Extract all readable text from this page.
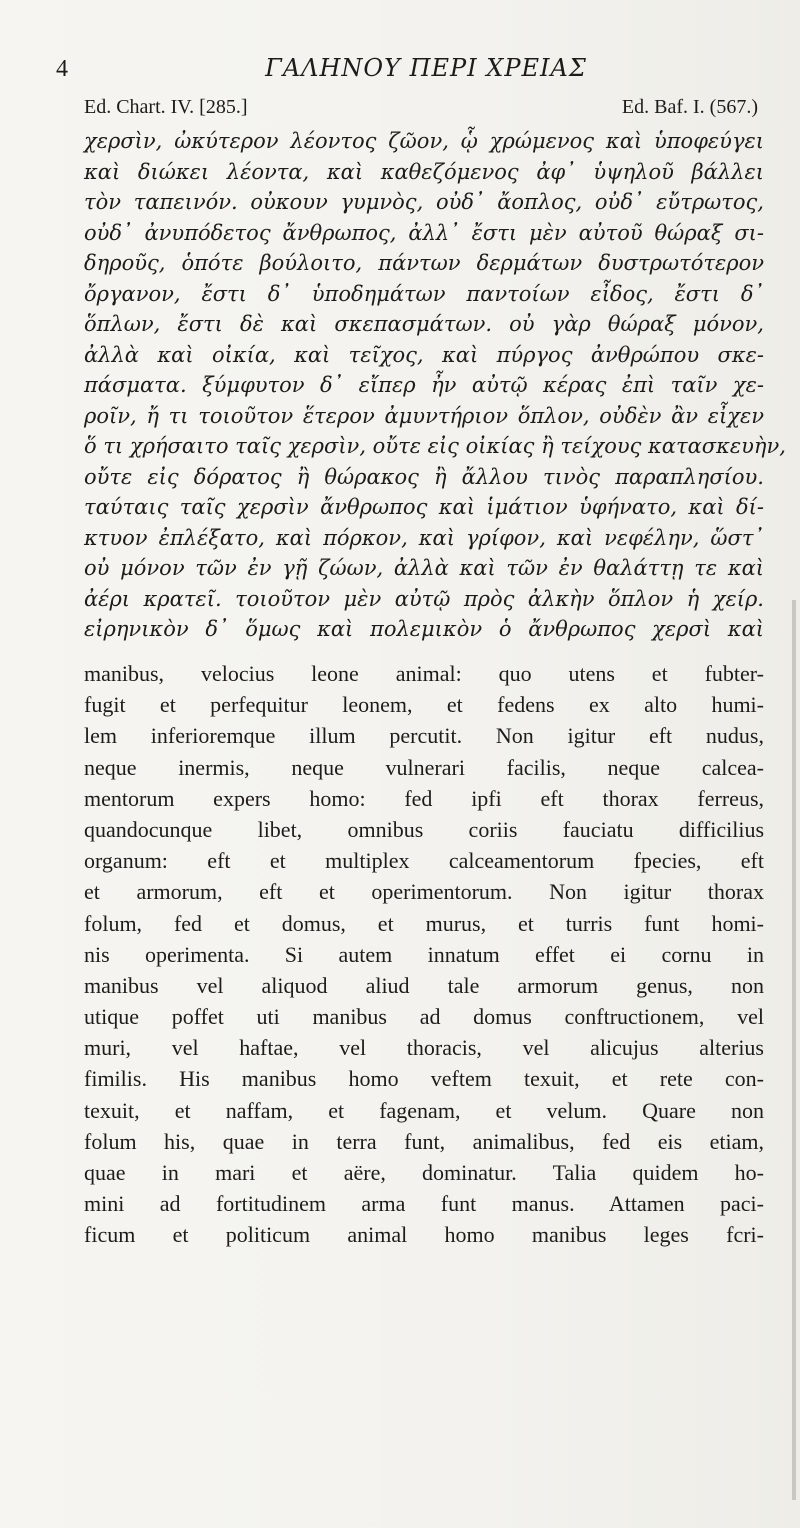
4	ΓΑΛΗΝΟΥ ΠΕΡΙ ΧΡΕΙΑΣ
Ed. Chart. IV. [285.]	Ed. Baf. I. (567.)
χερσὶν, ὠκύτερον λέοντος ζῶον, ᾧ χρώμενος καὶ ὑποφεύγει
καὶ διώκει λέοντα, καὶ καθεζόμενος ἀφ᾽ ὑψηλοῦ βάλλει
τὸν ταπεινόν. οὐκουν γυμνὸς, οὐδ᾽ ἄοπλος, οὐδ᾽ εὔτρωτος,
οὐδ᾽ ἀνυπόδετος ἄνθρωπος, ἀλλ᾽ ἔστι μὲν αὐτοῦ θώραξ σι-
δηροῦς, ὁπότε βούλοιτο, πάντων δερμάτων δυστρωτότερον
ὄργανον, ἔστι δ᾽ ὑποδημάτων παντοίων εἶδος, ἔστι δ᾽
ὅπλων, ἔστι δὲ καὶ σκεπασμάτων. οὐ γὰρ θώραξ μόνον,
ἀλλὰ καὶ οἰκία, καὶ τεῖχος, καὶ πύργος ἀνθρώπου σκε-
πάσματα. ξύμφυτον δ᾽ εἴπερ ἦν αὐτῷ κέρας ἐπὶ ταῖν χε-
ροῖν, ἤ τι τοιοῦτον ἕτερον ἀμυντήριον ὅπλον, οὐδὲν ἂν εἶχεν
ὅ τι χρήσαιτο ταῖς χερσὶν, οὔτε εἰς οἰκίας ἢ τείχους κατασκευὴν,
οὔτε εἰς δόρατος ἢ θώρακος ἢ ἄλλου τινὸς παραπλησίου.
ταύταις ταῖς χερσὶν ἄνθρωπος καὶ ἱμάτιον ὑφήνατο, καὶ δί-
κτυον ἐπλέξατο, καὶ πόρκον, καὶ γρίφον, καὶ νεφέλην, ὥστ᾽
οὐ μόνον τῶν ἐν γῇ ζώων, ἀλλὰ καὶ τῶν ἐν θαλάττῃ τε καὶ
ἀέρι κρατεῖ. τοιοῦτον μὲν αὐτῷ πρὸς ἀλκὴν ὅπλον ἡ χείρ.
εἰρηνικὸν δ᾽ ὅμως καὶ πολεμικὸν ὁ ἄνθρωπος χερσὶ καὶ
manibus, velocius leone animal: quo utens et fubter-
fugit et perfequitur leonem, et fedens ex alto humi-
lem inferioremque illum percutit. Non igitur eft nudus,
neque inermis, neque vulnerari facilis, neque calcea-
mentorum expers homo: fed ipfi eft thorax ferreus,
quandocunque libet, omnibus coriis fauciatu difficilius
organum: eft et multiplex calceamentorum fpecies, eft
et armorum, eft et operimentorum. Non igitur thorax
folum, fed et domus, et murus, et turris funt homi-
nis operimenta. Si autem innatum effet ei cornu in
manibus vel aliquod aliud tale armorum genus, non
utique poffet uti manibus ad domus conftructionem, vel
muri, vel haftae, vel thoracis, vel alicujus alterius
fimilis. His manibus homo veftem texuit, et rete con-
texuit, et naffam, et fagenam, et velum. Quare non
folum his, quae in terra funt, animalibus, fed eis etiam,
quae in mari et aëre, dominatur. Talia quidem ho-
mini ad fortitudinem arma funt manus. Attamen paci-
ficum et politicum animal homo manibus leges fcri-
